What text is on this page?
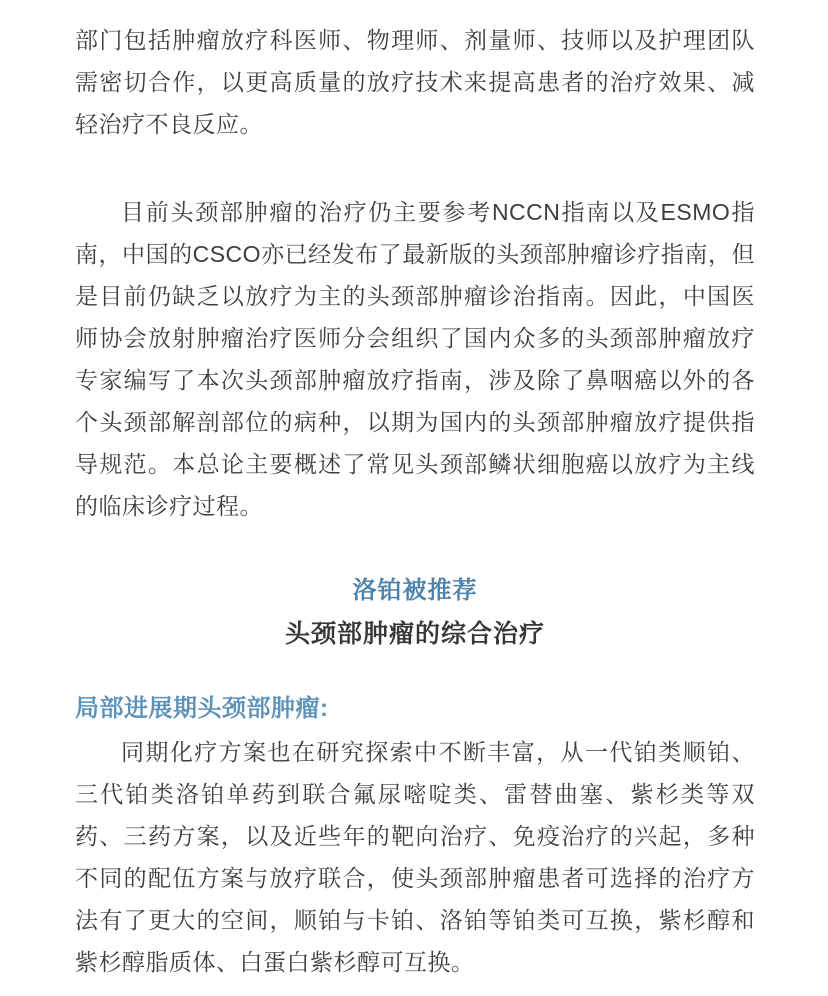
部门包括肿瘤放疗科医师、物理师、剂量师、技师以及护理团队需密切合作，以更高质量的放疗技术来提高患者的治疗效果、减轻治疗不良反应。

目前头颈部肿瘤的治疗仍主要参考NCCN指南以及ESMO指南，中国的CSCO亦已经发布了最新版的头颈部肿瘤诊疗指南，但是目前仍缺乏以放疗为主的头颈部肿瘤诊治指南。因此，中国医师协会放射肿瘤治疗医师分会组织了国内众多的头颈部肿瘤放疗专家编写了本次头颈部肿瘤放疗指南，涉及除了鼻咽癌以外的各个头颈部解剖部位的病种，以期为国内的头颈部肿瘤放疗提供指导规范。本总论主要概述了常见头颈部鳞状细胞癌以放疗为主线的临床诊疗过程。

洛铂被推荐
头颈部肿瘤的综合治疗
局部进展期头颈部肿瘤:

同期化疗方案也在研究探索中不断丰富，从一代铂类顺铂、三代铂类洛铂单药到联合氟尿嘧啶类、雷替曲塞、紫杉类等双药、三药方案，以及近些年的靶向治疗、免疫治疗的兴起，多种不同的配伍方案与放疗联合，使头颈部肿瘤患者可选择的治疗方法有了更大的空间，顺铂与卡铂、洛铂等铂类可互换，紫杉醇和紫杉醇脂质体、白蛋白紫杉醇可互换。
